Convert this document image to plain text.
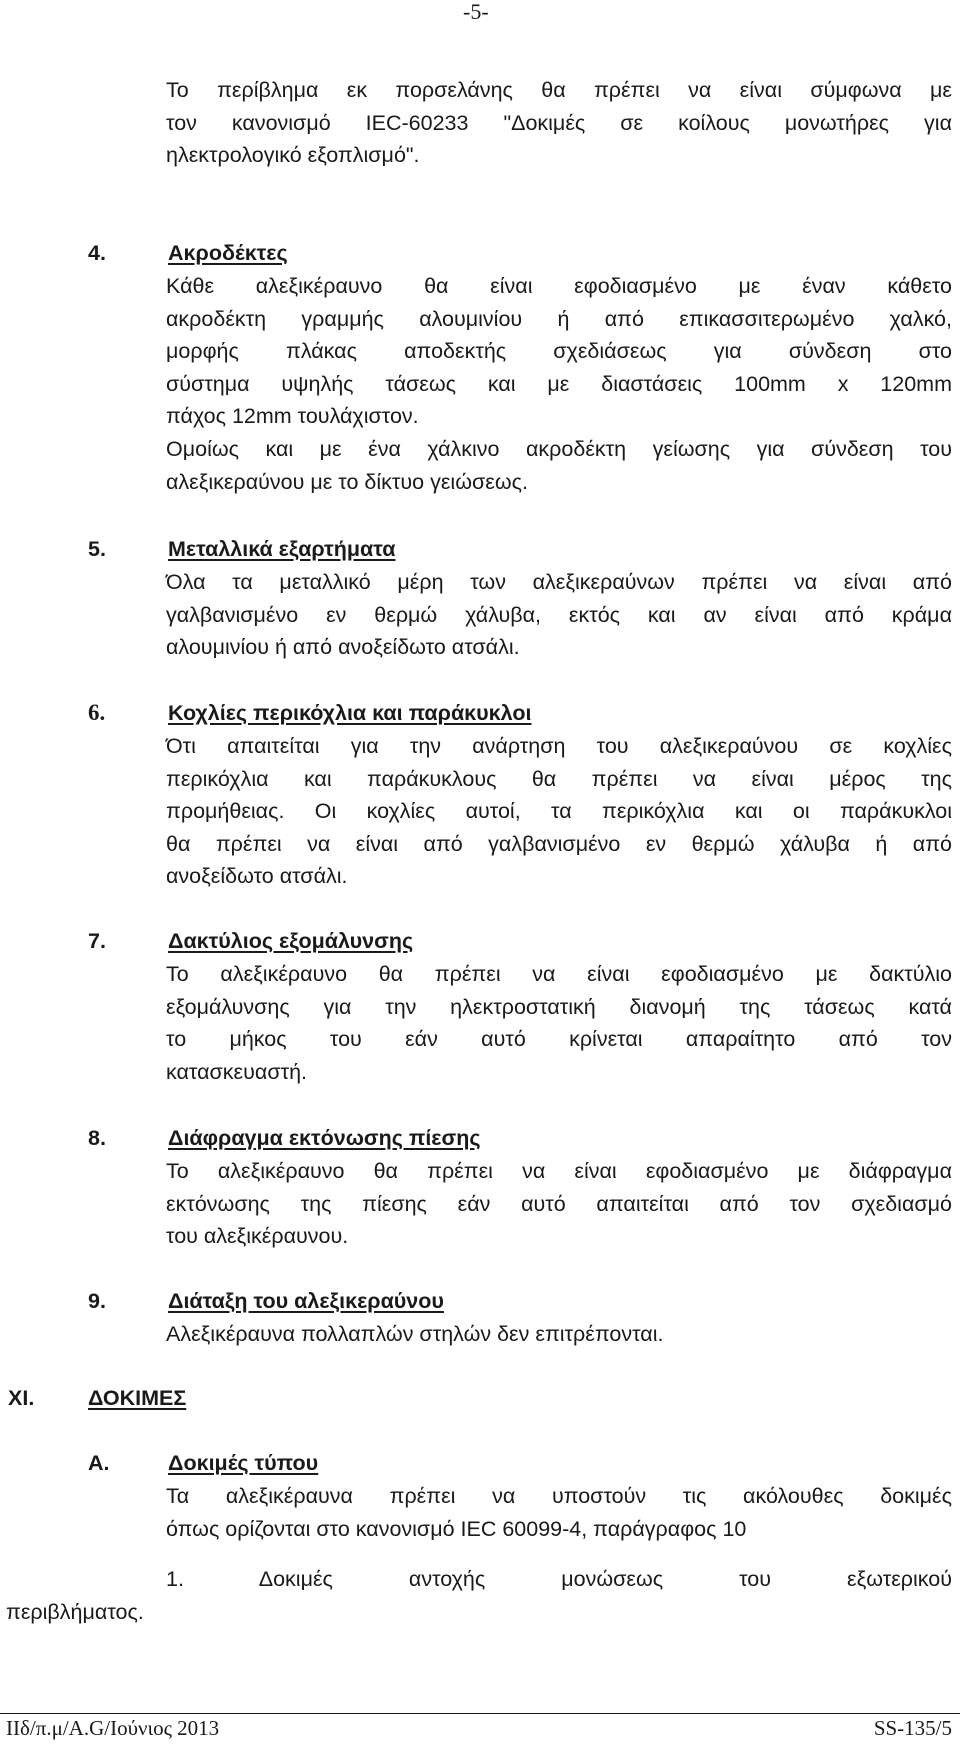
-5-
Το περίβλημα εκ πορσελάνης θα πρέπει να είναι σύμφωνα με
τον κανονισμό IEC-60233 "Δοκιμές σε κοίλους μονωτήρες για
ηλεκτρολογικό εξοπλισμό".
4.	Ακροδέκτες
Κάθε αλεξικέραυνο θα είναι εφοδιασμένο με έναν κάθετο
ακροδέκτη γραμμής αλουμινίου ή από επικασσιτερωμένο χαλκό,
μορφής πλάκας αποδεκτής σχεδιάσεως για σύνδεση στο
σύστημα υψηλής τάσεως και με διαστάσεις 100mm x 120mm
πάχος 12mm τουλάχιστον.
Ομοίως και με ένα χάλκινο ακροδέκτη γείωσης για σύνδεση του
αλεξικεραύνου με το δίκτυο γειώσεως.
5.	Μεταλλικά εξαρτήματα
Όλα τα μεταλλικό μέρη των αλεξικεραύνων πρέπει να είναι από
γαλβανισμένο εν θερμώ χάλυβα, εκτός και αν είναι από κράμα
αλουμινίου ή από ανοξείδωτο ατσάλι.
6.	Κοχλίες περικόχλια και παράκυκλοι
Ότι απαιτείται για την ανάρτηση του αλεξικεραύνου σε κοχλίες
περικόχλια και παράκυκλους θα πρέπει να είναι μέρος της
προμήθειας. Οι κοχλίες αυτοί, τα περικόχλια και οι παράκυκλοι
θα πρέπει να είναι από γαλβανισμένο εν θερμώ χάλυβα ή από
ανοξείδωτο ατσάλι.
7.	Δακτύλιος εξομάλυνσης
Το αλεξικέραυνο θα πρέπει να είναι εφοδιασμένο με δακτύλιο
εξομάλυνσης για την ηλεκτροστατική διανομή της τάσεως κατά
το μήκος του εάν αυτό κρίνεται απαραίτητο από τον
κατασκευαστή.
8.	Διάφραγμα εκτόνωσης πίεσης
Το αλεξικέραυνο θα πρέπει να είναι εφοδιασμένο με διάφραγμα
εκτόνωσης της πίεσης εάν αυτό απαιτείται από τον σχεδιασμό
του αλεξικέραυνου.
9.	Διάταξη του αλεξικεραύνου
Αλεξικέραυνα πολλαπλών στηλών δεν επιτρέπονται.
XI. ΔΟΚΙΜΕΣ
A.	Δοκιμές τύπου
Τα αλεξικέραυνα πρέπει να υποστούν τις ακόλουθες δοκιμές
όπως ορίζονται στο κανονισμό IEC 60099-4, παράγραφος 10
1. Δοκιμές αντοχής μονώσεως του εξωτερικού
περιβλήματος.
ΙΙδ/π.μ/A.G/Ιούνιος 2013	SS-135/5
